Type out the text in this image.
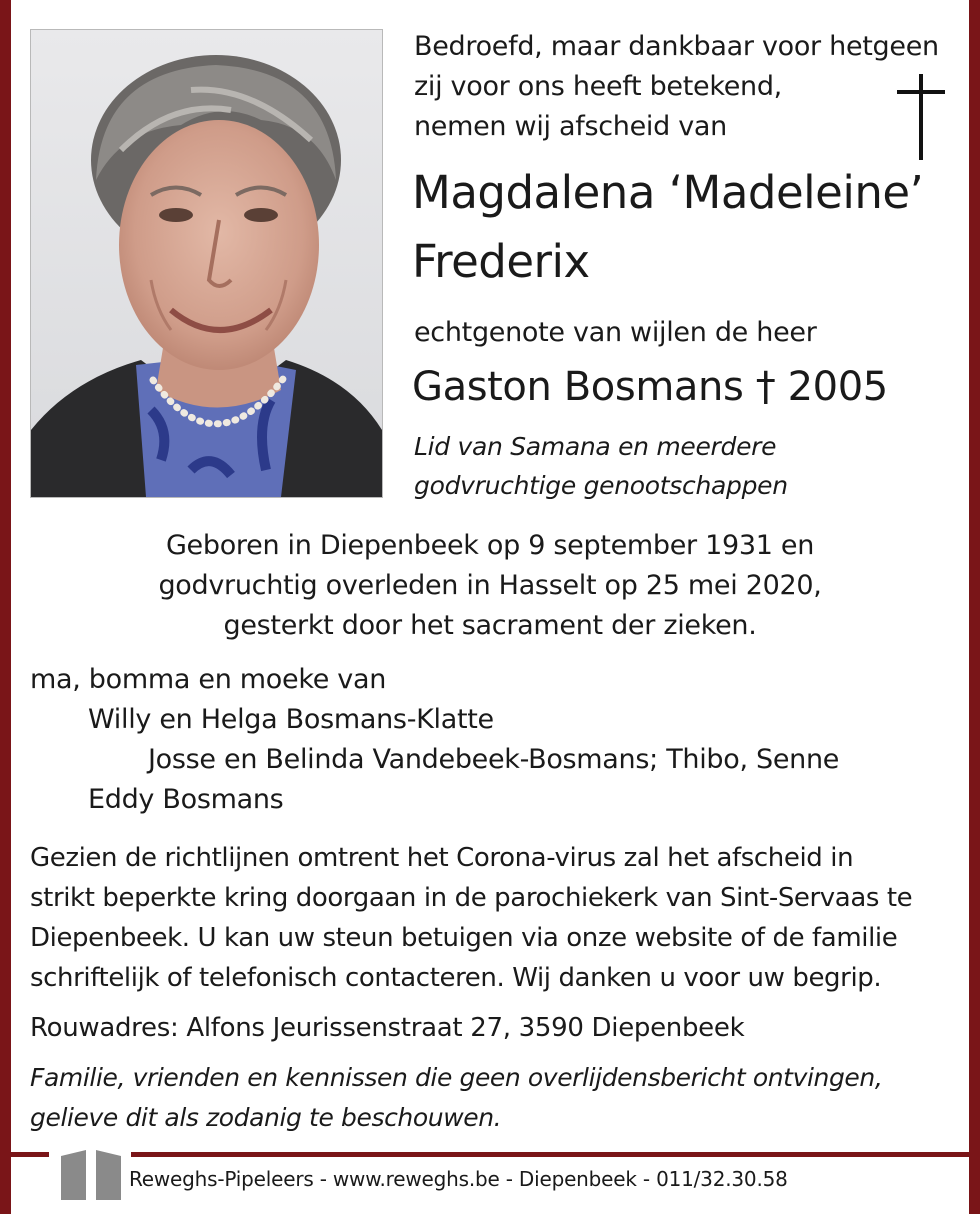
Bedroefd, maar dankbaar voor hetgeen
zij voor ons heeft betekend,
nemen wij afscheid van
Magdalena ‘Madeleine’
Frederix
echtgenote van wijlen de heer
Gaston Bosmans † 2005
Lid van Samana en meerdere
godvruchtige genootschappen
Geboren in Diepenbeek op 9 september 1931 en
godvruchtig overleden in Hasselt op 25 mei 2020,
gesterkt door het sacrament der zieken.
ma, bomma en moeke van
Willy en Helga Bosmans-Klatte
Josse en Belinda Vandebeek-Bosmans; Thibo, Senne
Eddy Bosmans
Gezien de richtlijnen omtrent het Corona-virus zal het afscheid in
strikt beperkte kring doorgaan in de parochiekerk van Sint-Servaas te
Diepenbeek. U kan uw steun betuigen via onze website of de familie
schriftelijk of telefonisch contacteren. Wij danken u voor uw begrip.
Rouwadres: Alfons Jeurissenstraat 27, 3590 Diepenbeek
Familie, vrienden en kennissen die geen overlijdensbericht ontvingen,
gelieve dit als zodanig te beschouwen.
Reweghs-Pipeleers - www.reweghs.be - Diepenbeek - 011/32.30.58
